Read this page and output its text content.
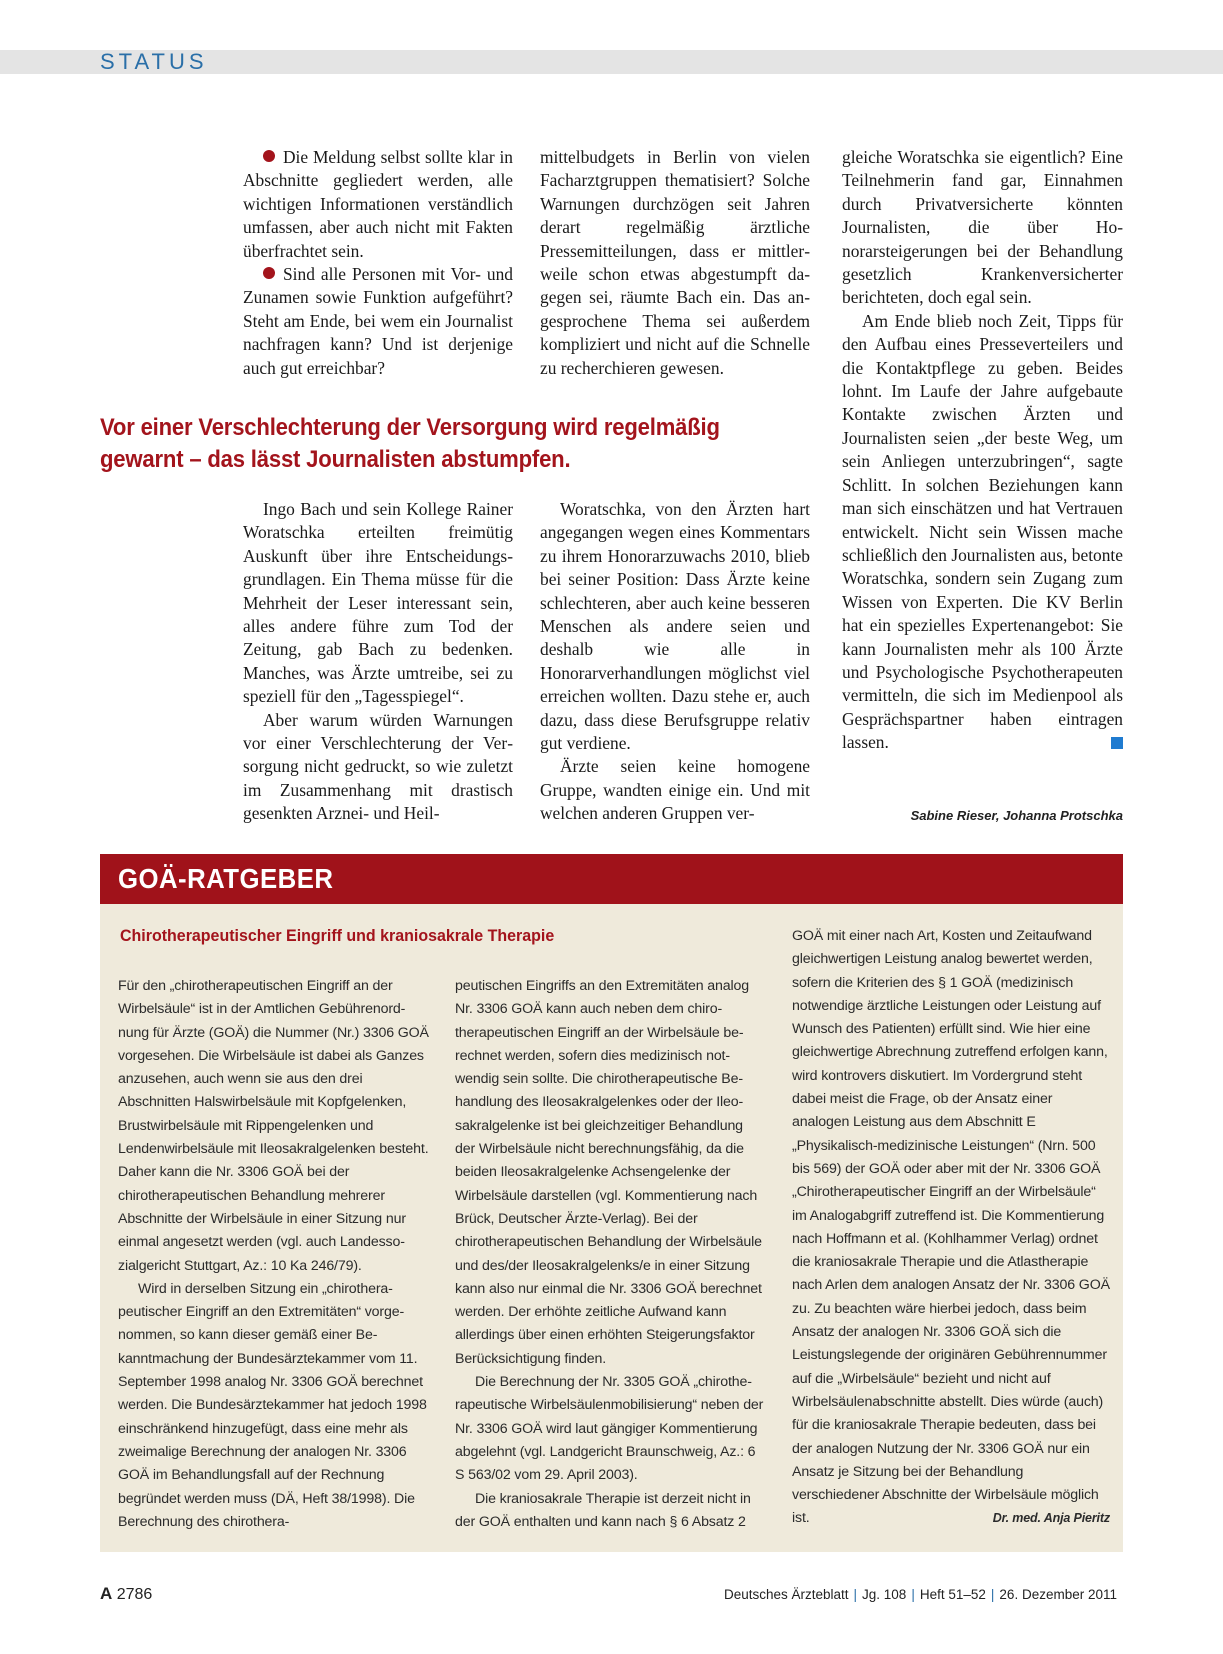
STATUS

Die Meldung selbst sollte klar in Abschnitte gegliedert werden, alle wichtigen Informationen verständlich umfassen, aber auch nicht mit Fakten überfrachtet sein.

Sind alle Personen mit Vor- und Zunamen sowie Funktion aufgeführt? Steht am Ende, bei wem ein Journalist nachfragen kann? Und ist derjenige auch gut erreichbar?

mittelbudgets in Berlin von vielen Facharztgruppen thematisiert? Solche Warnungen durchzögen seit Jahren derart regelmäßig ärztliche Pressemitteilungen, dass er mittlerweile schon etwas abgestumpft dagegen sei, räumte Bach ein. Das angesprochene Thema sei außerdem kompliziert und nicht auf die Schnelle zu recherchieren gewesen.

Vor einer Verschlechterung der Versorgung wird regelmäßig
gewarnt – das lässt Journalisten abstumpfen.

Ingo Bach und sein Kollege Rainer Woratschka erteilten freimütig Auskunft über ihre Entscheidungsgrundlagen. Ein Thema müsse für die Mehrheit der Leser interessant sein, alles andere führe zum Tod der Zeitung, gab Bach zu bedenken. Manches, was Ärzte umtreibe, sei zu speziell für den „Tagesspiegel“.

Aber warum würden Warnungen vor einer Verschlechterung der Versorgung nicht gedruckt, so wie zuletzt im Zusammenhang mit drastisch gesenkten Arznei- und Heil-

Woratschka, von den Ärzten hart angegangen wegen eines Kommentars zu ihrem Honorarzuwachs 2010, blieb bei seiner Position: Dass Ärzte keine schlechteren, aber auch keine besseren Menschen als andere seien und deshalb wie alle in Honorarverhandlungen möglichst viel erreichen wollten. Dazu stehe er, auch dazu, dass diese Berufsgruppe relativ gut verdiene.

Ärzte seien keine homogene Gruppe, wandten einige ein. Und mit welchen anderen Gruppen ver-

gleiche Woratschka sie eigentlich? Eine Teilnehmerin fand gar, Einnahmen durch Privatversicherte könnten Journalisten, die über Honorarsteigerungen bei der Behandlung gesetzlich Krankenversicherter berichteten, doch egal sein.

Am Ende blieb noch Zeit, Tipps für den Aufbau eines Presseverteilers und die Kontaktpflege zu geben. Beides lohnt. Im Laufe der Jahre aufgebaute Kontakte zwischen Ärzten und Journalisten seien „der beste Weg, um sein Anliegen unterzubringen“, sagte Schlitt. In solchen Beziehungen kann man sich einschätzen und hat Vertrauen entwickelt. Nicht sein Wissen mache schließlich den Journalisten aus, betonte Woratschka, sondern sein Zugang zum Wissen von Experten. Die KV Berlin hat ein spezielles Expertenangebot: Sie kann Journalisten mehr als 100 Ärzte und Psychologische Psychotherapeuten vermitteln, die sich im Medienpool als Gesprächspartner haben eintragen lassen.

Sabine Rieser, Johanna Protschka
GOÄ-RATGEBER
Chirotherapeutischer Eingriff und kraniosakrale Therapie

Für den „chirotherapeutischen Eingriff an der Wirbelsäule“ ist in der Amtlichen Gebührenordnung für Ärzte (GOÄ) die Nummer (Nr.) 3306 GOÄ vorgesehen. Die Wirbelsäule ist dabei als Ganzes anzusehen, auch wenn sie aus den drei Abschnitten Halswirbelsäule mit Kopfgelenken, Brustwirbelsäule mit Rippengelenken und Lendenwirbelsäule mit Ileosakralgelenken besteht. Daher kann die Nr. 3306 GOÄ bei der chirotherapeutischen Behandlung mehrerer Abschnitte der Wirbelsäule in einer Sitzung nur einmal angesetzt werden (vgl. auch Landessozialgericht Stuttgart, Az.: 10 Ka 246/79).

Wird in derselben Sitzung ein „chirotherapeutischer Eingriff an den Extremitäten“ vorgenommen, so kann dieser gemäß einer Bekanntmachung der Bundesärztekammer vom 11. September 1998 analog Nr. 3306 GOÄ berechnet werden. Die Bundesärztekammer hat jedoch 1998 einschränkend hinzugefügt, dass eine mehr als zweimalige Berechnung der analogen Nr. 3306 GOÄ im Behandlungsfall auf der Rechnung begründet werden muss (DÄ, Heft 38/1998). Die Berechnung des chirothera-

peutischen Eingriffs an den Extremitäten analog Nr. 3306 GOÄ kann auch neben dem chirotherapeutischen Eingriff an der Wirbelsäule berechnet werden, sofern dies medizinisch notwendig sein sollte. Die chirotherapeutische Behandlung des Ileosakralgelenkes oder der Ileosakralgelenke ist bei gleichzeitiger Behandlung der Wirbelsäule nicht berechnungsfähig, da die beiden Ileosakralgelenke Achsengelenke der Wirbelsäule darstellen (vgl. Kommentierung nach Brück, Deutscher Ärzte-Verlag). Bei der chirotherapeutischen Behandlung der Wirbelsäule und des/der Ileosakralgelenks/e in einer Sitzung kann also nur einmal die Nr. 3306 GOÄ berechnet werden. Der erhöhte zeitliche Aufwand kann allerdings über einen erhöhten Steigerungsfaktor Berücksichtigung finden.

Die Berechnung der Nr. 3305 GOÄ „chirotherapeutische Wirbelsäulenmobilisierung“ neben der Nr. 3306 GOÄ wird laut gängiger Kommentierung abgelehnt (vgl. Landgericht Braunschweig, Az.: 6 S 563/02 vom 29. April 2003).

Die kraniosakrale Therapie ist derzeit nicht in der GOÄ enthalten und kann nach § 6 Absatz 2

GOÄ mit einer nach Art, Kosten und Zeitaufwand gleichwertigen Leistung analog bewertet werden, sofern die Kriterien des § 1 GOÄ (medizinisch notwendige ärztliche Leistungen oder Leistung auf Wunsch des Patienten) erfüllt sind. Wie hier eine gleichwertige Abrechnung zutreffend erfolgen kann, wird kontrovers diskutiert. Im Vordergrund steht dabei meist die Frage, ob der Ansatz einer analogen Leistung aus dem Abschnitt E „Physikalisch-medizinische Leistungen“ (Nrn. 500 bis 569) der GOÄ oder aber mit der Nr. 3306 GOÄ „Chirotherapeutischer Eingriff an der Wirbelsäule“ im Analogabgriff zutreffend ist. Die Kommentierung nach Hoffmann et al. (Kohlhammer Verlag) ordnet die kraniosakrale Therapie und die Atlastherapie nach Arlen dem analogen Ansatz der Nr. 3306 GOÄ zu. Zu beachten wäre hierbei jedoch, dass beim Ansatz der analogen Nr. 3306 GOÄ sich die Leistungslegende der originären Gebührennummer auf die „Wirbelsäule“ bezieht und nicht auf Wirbelsäulenabschnitte abstellt. Dies würde (auch) für die kraniosakrale Therapie bedeuten, dass bei der analogen Nutzung der Nr. 3306 GOÄ nur ein Ansatz je Sitzung bei der Behandlung verschiedener Abschnitte der Wirbelsäule möglich ist.	Dr. med. Anja Pieritz

A 2786	Deutsches Ärzteblatt | Jg. 108 | Heft 51–52 | 26. Dezember 2011
